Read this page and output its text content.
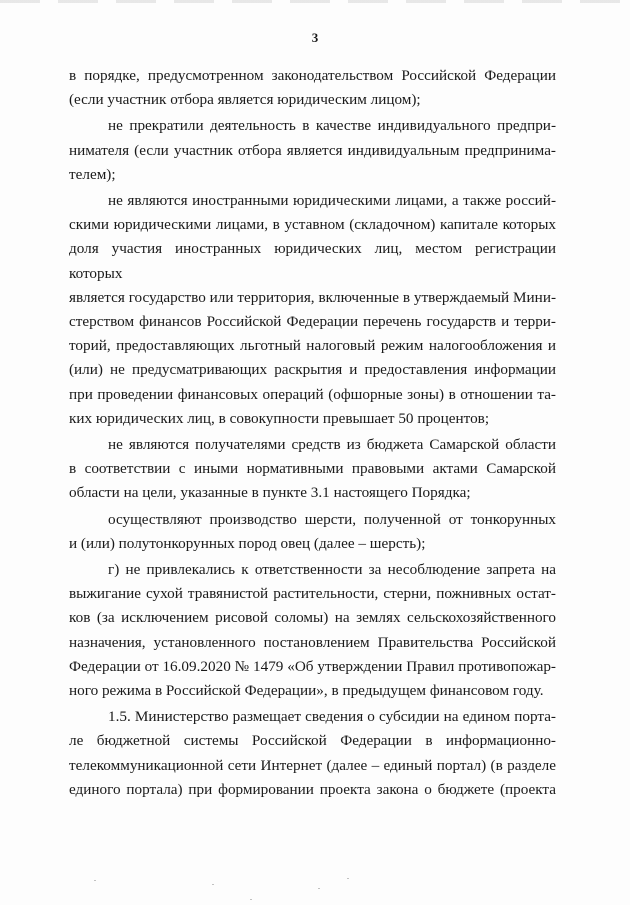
3
в порядке, предусмотренном законодательством Российской Федерации
(если участник отбора является юридическим лицом);
не прекратили деятельность в качестве индивидуального предпри-
нимателя (если участник отбора является индивидуальным предпринима-
телем);
не являются иностранными юридическими лицами, а также россий-
скими юридическими лицами, в уставном (складочном) капитале которых
доля участия иностранных юридических лиц, местом регистрации которых
является государство или территория, включенные в утверждаемый Мини-
стерством финансов Российской Федерации перечень государств и терри-
торий, предоставляющих льготный налоговый режим налогообложения и
(или) не предусматривающих раскрытия и предоставления информации
при проведении финансовых операций (офшорные зоны) в отношении та-
ких юридических лиц, в совокупности превышает 50 процентов;
не являются получателями средств из бюджета Самарской области
в соответствии с иными нормативными правовыми актами Самарской
области на цели, указанные в пункте 3.1 настоящего Порядка;
осуществляют производство шерсти, полученной от тонкорунных
и (или) полутонкорунных пород овец (далее – шерсть);
г) не привлекались к ответственности за несоблюдение запрета на
выжигание сухой травянистой растительности, стерни, пожнивных остат-
ков (за исключением рисовой соломы) на землях сельскохозяйственного
назначения, установленного постановлением Правительства Российской
Федерации от 16.09.2020 № 1479 «Об утверждении Правил противопожар-
ного режима в Российской Федерации», в предыдущем финансовом году.
1.5. Министерство размещает сведения о субсидии на едином порта-
ле бюджетной системы Российской Федерации в информационно-
телекоммуникационной сети Интернет (далее – единый портал) (в разделе
единого портала) при формировании проекта закона о бюджете (проекта
